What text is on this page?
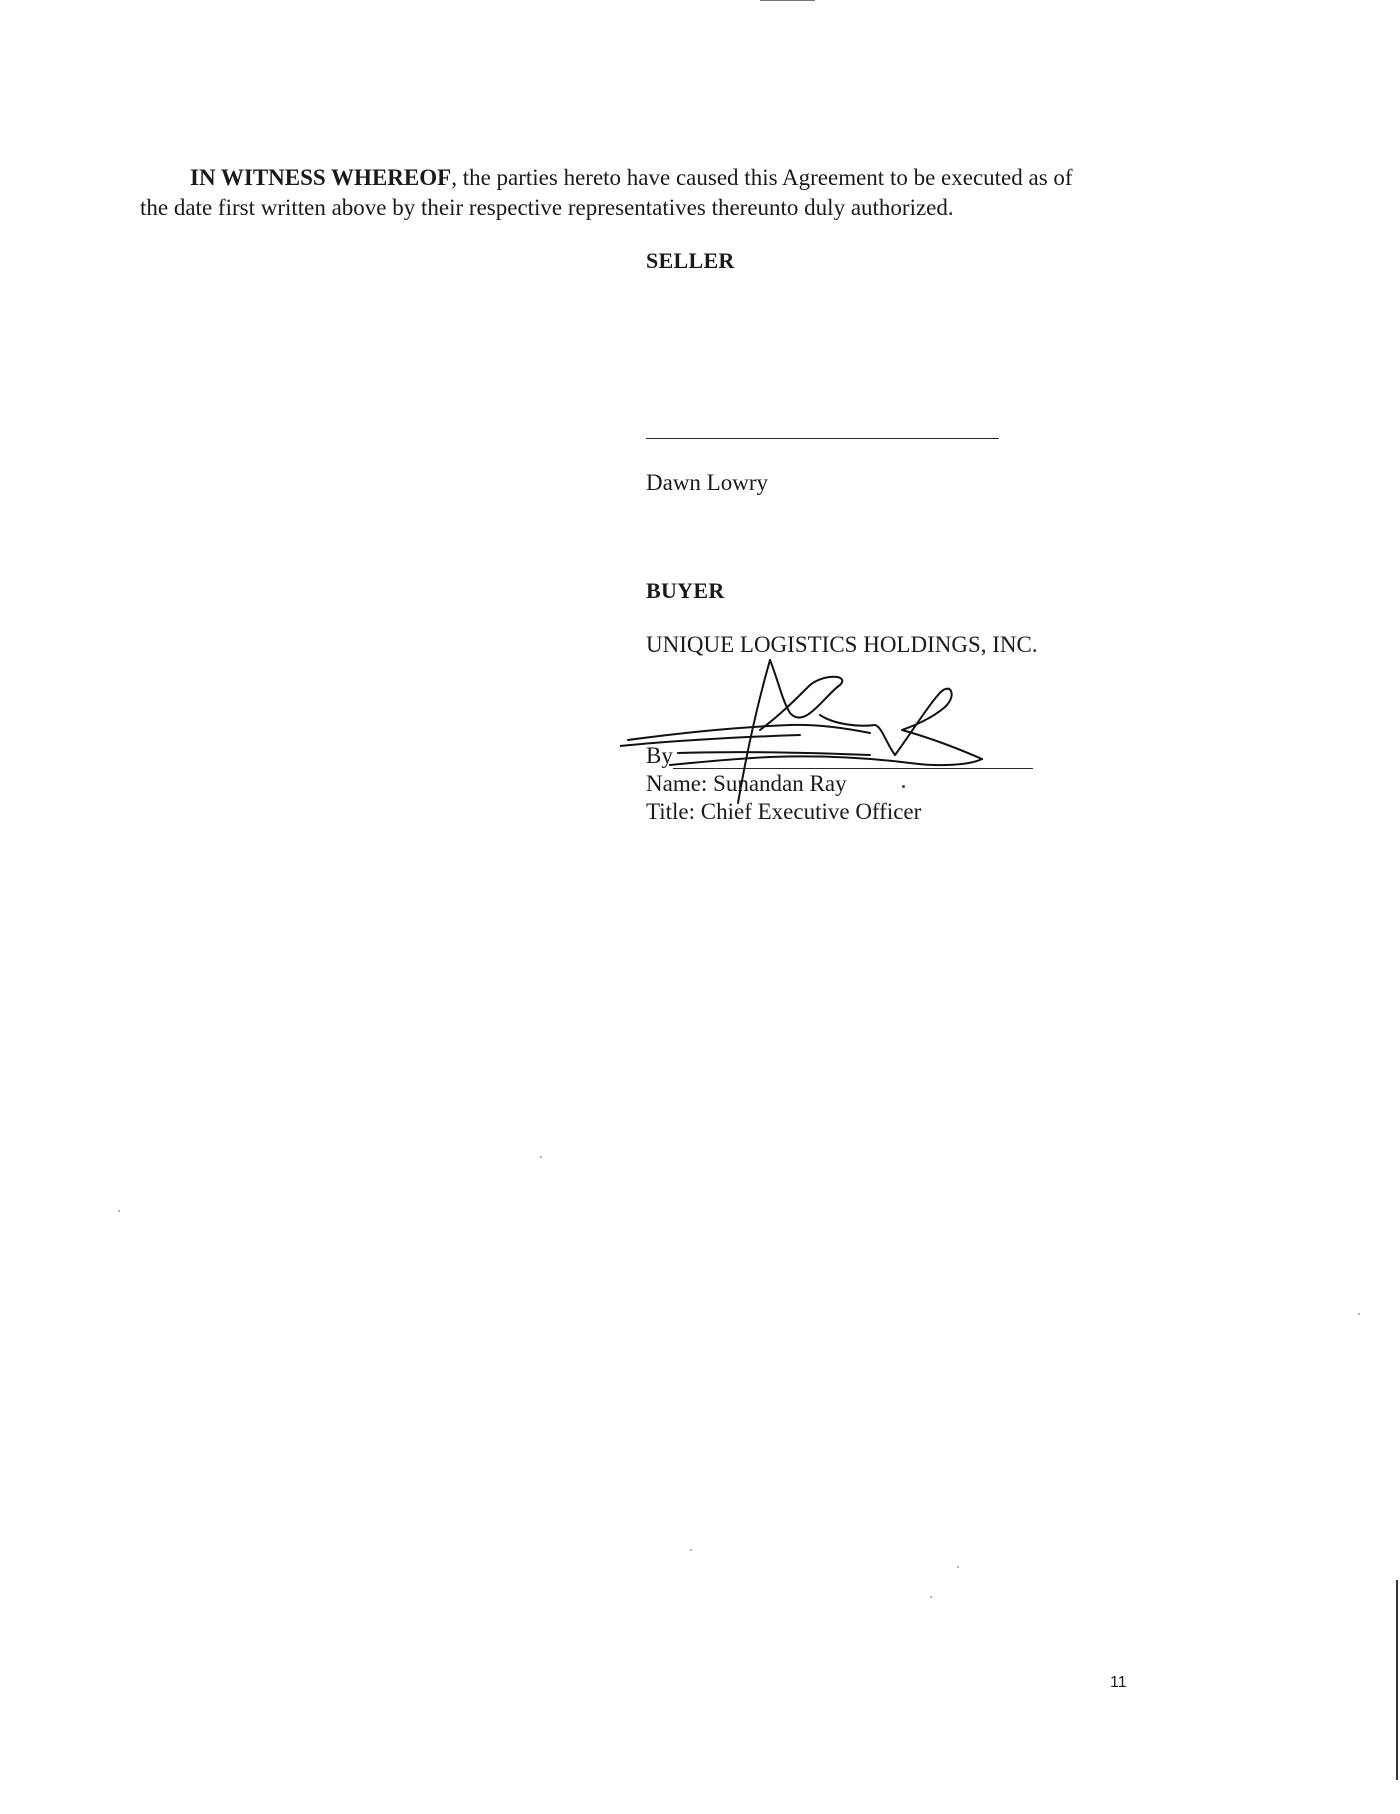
IN WITNESS WHEREOF, the parties hereto have caused this Agreement to be executed as of
the date first written above by their respective representatives thereunto duly authorized.
SELLER
Dawn Lowry
BUYER
UNIQUE LOGISTICS HOLDINGS, INC.
By
Name: Sunandan Ray
Title: Chief Executive Officer
11
